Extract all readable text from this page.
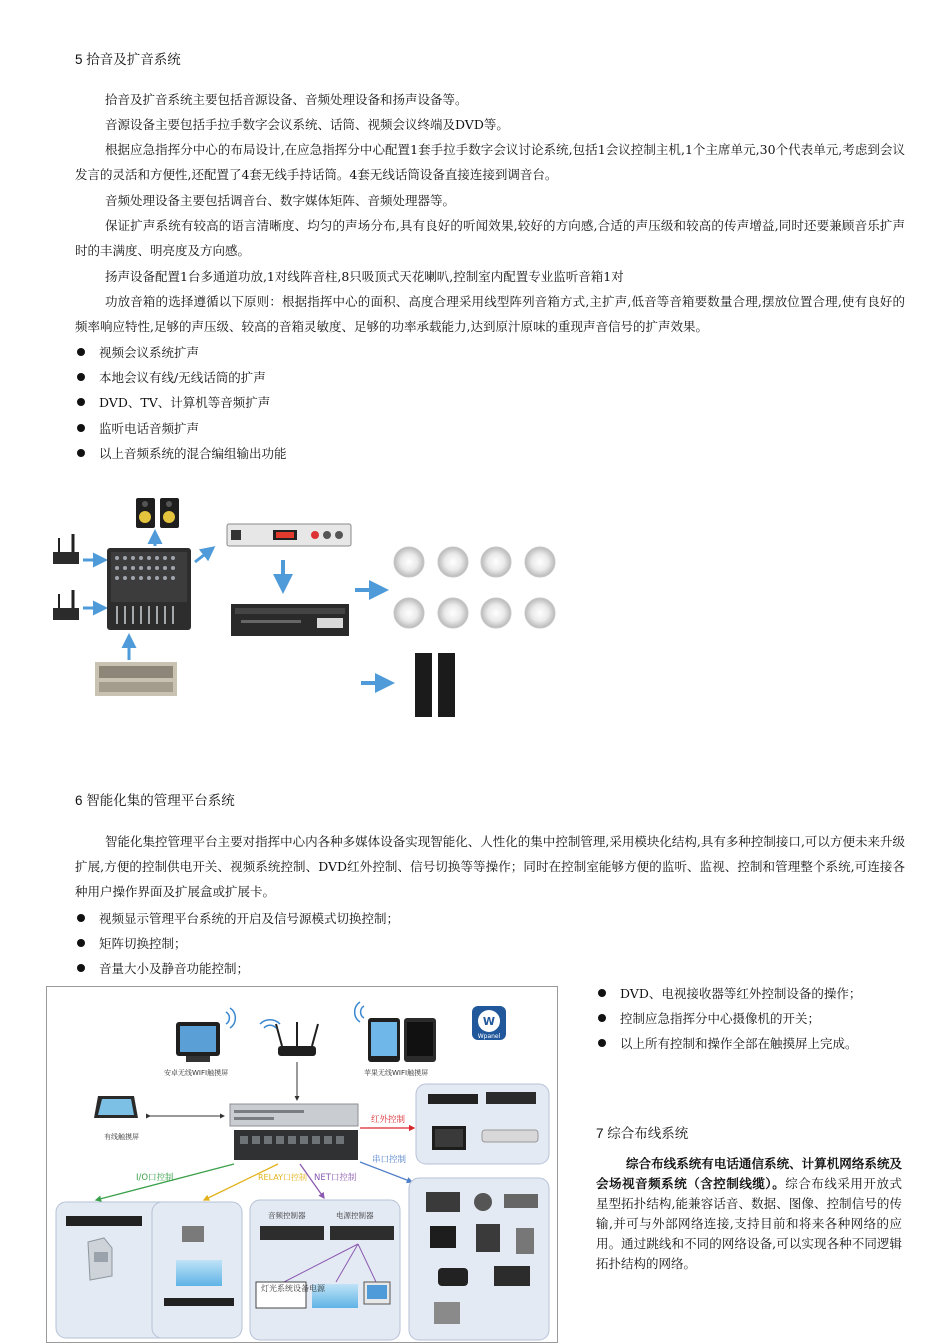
5 拾音及扩音系统

拾音及扩音系统主要包括音源设备、音频处理设备和扬声设备等。

音源设备主要包括手拉手数字会议系统、话筒、视频会议终端及DVD等。

根据应急指挥分中心的布局设计,在应急指挥分中心配置1套手拉手数字会议讨论系统,包括1会议控制主机,1个主席单元,30个代表单元,考虑到会议发言的灵活和方便性,还配置了4套无线手持话筒。4套无线话筒设备直接连接到调音台。

音频处理设备主要包括调音台、数字媒体矩阵、音频处理器等。

保证扩声系统有较高的语言清晰度、均匀的声场分布,具有良好的听闻效果,较好的方向感,合适的声压级和较高的传声增益,同时还要兼顾音乐扩声时的丰满度、明亮度及方向感。

扬声设备配置1台多通道功放,1对线阵音柱,8只吸顶式天花喇叭,控制室内配置专业监听音箱1对

功放音箱的选择遵循以下原则：根据指挥中心的面积、高度合理采用线型阵列音箱方式,主扩声,低音等音箱要数量合理,摆放位置合理,使有良好的频率响应特性,足够的声压级、较高的音箱灵敏度、足够的功率承载能力,达到原汁原味的重现声音信号的扩声效果。

视频会议系统扩声
本地会议有线/无线话筒的扩声
DVD、TV、计算机等音频扩声
监听电话音频扩声
以上音频系统的混合编组输出功能
6 智能化集的管理平台系统

智能化集控管理平台主要对指挥中心内各种多媒体设备实现智能化、人性化的集中控制管理,采用模块化结构,具有多种控制接口,可以方便未来升级扩展,方便的控制供电开关、视频系统控制、DVD红外控制、信号切换等等操作；同时在控制室能够方便的监听、监视、控制和管理整个系统,可连接各种用户操作界面及扩展盒或扩展卡。

视频显示管理平台系统的开启及信号源模式切换控制；
矩阵切换控制；
音量大小及静音功能控制；
安卓无线WIFI触摸屏	苹果无线WIFI触摸屏
W
Wpanel
有线触摸屏
红外控制
串口控制
I/O口控制	RELAY口控制 NET口控制
音频控制器	电源控制器
灯光系统设备电源
DVD、电视接收器等红外控制设备的操作；
控制应急指挥分中心摄像机的开关；
以上所有控制和操作全部在触摸屏上完成。
7 综合布线系统

综合布线系统有电话通信系统、计算机网络系统及会场视音频系统（含控制线缆）。综合布线采用开放式星型拓扑结构,能兼容话音、数据、图像、控制信号的传输,并可与外部网络连接,支持目前和将来各种网络的应用。通过跳线和不同的网络设备,可以实现各种不同逻辑拓扑结构的网络。
